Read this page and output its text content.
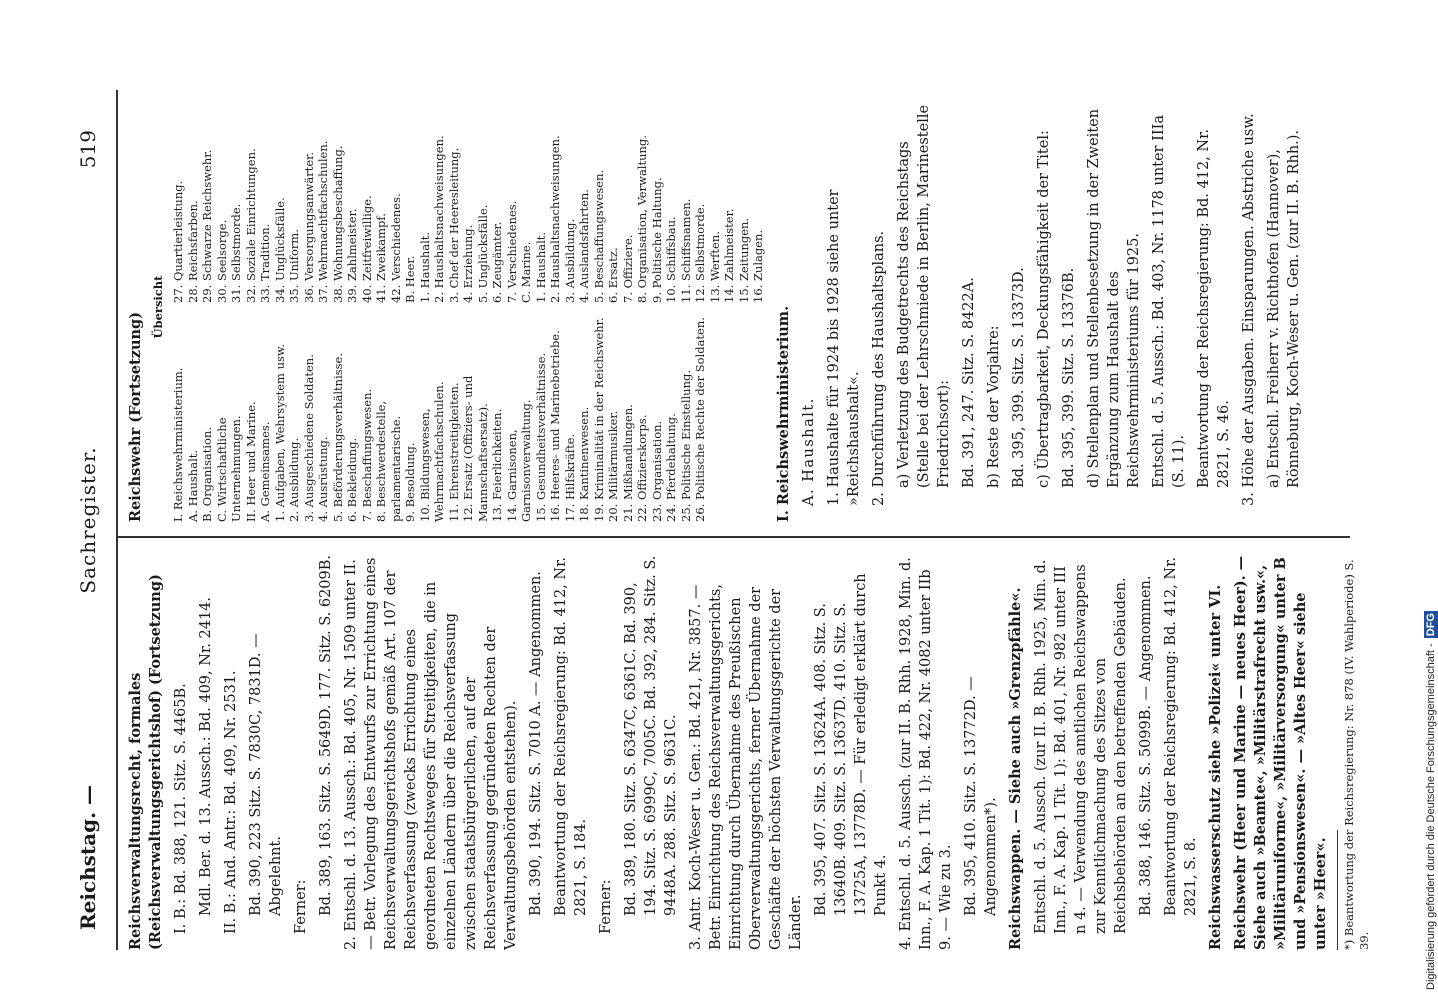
Reichstag. —
Sachregister.
519

Reichsverwaltungsrecht, formales (Reichsverwaltungsgerichtshof) (Fortsetzung) I. B.: Bd. 388, 121. Sitz. S. 4465B. Mdl. Ber. d. 13. Aussch.: Bd. 409, Nr. 2414. II. B.: And. Antr.: Bd. 409, Nr. 2531. Bd. 390, 223 Sitz. S. 7830C, 7831D. — Abgelehnt. Ferner: Bd. 389, 163. Sitz. S. 5649D. 177. Sitz. S. 6209B. 2. Entschl. d. 13. Aussch.: Bd. 405, Nr. 1509 unter II. — Betr. Vorlegung des Entwurfs zur Errichtung eines Reichsverwaltungsgerichtshofs gemäß Art. 107 der Reichsverfassung (zwecks Errichtung eines geordneten Rechtsweges für Streitigkeiten, die in einzelnen Ländern über die Reichsverfassung zwischen staatsbürgerlichen, auf der Reichsverfassung gegründeten Rechten der Verwaltungsbehörden entstehen). Bd. 390, 194. Sitz. S. 7010 A. — Angenommen. Beantwortung der Reichsregierung: Bd. 412, Nr. 2821, S. 184. Ferner: Bd. 389, 180. Sitz. S. 6347C, 6361C. Bd. 390, 194. Sitz. S. 6999C, 7005C. Bd. 392, 284. Sitz. S. 9448A. 288. Sitz. S. 9631C. 3. Antr. Koch-Weser u. Gen.: Bd. 421, Nr. 3857. — Betr. Einrichtung des Reichsverwaltungsgerichts, Einrichtung durch Übernahme des Preußischen Oberverwaltungsgerichts, ferner Übernahme der Geschäfte der höchsten Verwaltungsgerichte der Länder.

Bd. 395, 407. Sitz. S. 13624A. 408. Sitz. S. 13640B. 409. Sitz. S. 13637D. 410. Sitz. S. 13725A, 13778D. — Für erledigt erklärt durch Punkt 4. 4. Entschl. d. 5. Aussch. (zur II. B. Rhh. 1928, Min. d. Inn., F. A. Kap. 1 Tit. 1): Bd. 422, Nr. 4082 unter IIb 9. — Wie zu 3. Bd. 395, 410. Sitz. S. 13772D. — Angenommen*). Reichswappen. — Siehe auch »Grenzpfähle«. Entschl. d. 5. Aussch. (zur II. B. Rhh. 1925, Min. d. Inn., F. A. Kap. 1 Tit. 1): Bd. 401, Nr. 982 unter III n 4. — Verwendung des amtlichen Reichswappens zur Kenntlichmachung des Sitzes von Reichsbehörden an den betreffenden Gebäuden. Bd. 388, 146. Sitz. S. 5099B. — Angenommen. Beantwortung der Reichsregierung: Bd. 412, Nr. 2821, S. 8. Reichswasserschutz siehe »Polizei« unter VI. Reichswehr (Heer und Marine — neues Heer). — Siehe auch »Beamte«, »Militärstrafrecht usw.«, »Militäruniforme«, »Militärversorgung« unter B und »Pensionswesen«. — »Altes Heer« siehe unter »Heer«. *) Beantwortung der Reichsregierung: Nr. 878 (IV. Wahlperiode) S. 39.

Reichswehr (Fortsetzung)

Übersicht

I. Reichswehrministerium. A. Haushalt. B. Organisation. C. Wirtschaftliche Unternehmungen. II. Heer und Marine. A. Gemeinsames. 1. Aufgaben, Wehrsystem usw. 2. Ausbildung. 3. Ausgeschiedene Soldaten. 4. Ausrüstung. 5. Beförderungsverhältnisse. 6. Bekleidung. 7. Beschaffungswesen. 8. Beschwerdestelle, parlamentarische. 9. Besoldung. 10. Bildungswesen, Wehrmachtfachschulen. 11. Ehrenstreitigkeiten. 12. Ersatz (Offiziers- und Mannschaftsersatz). 13. Feierlichkeiten. 14. Garnisonen, Garnisonverwaltung. 15. Gesundheitsverhältnisse. 16. Heeres- und Marinebetriebe. 17. Hilfskräfte. 18. Kantinenwesen. 19. Kriminalität in der Reichswehr. 20. Militärmusiker. 21. Mißhandlungen. 22. Offizierskorps. 23. Organisation. 24. Pferdehaltung. 25. Politische Einstellung. 26. Politische Rechte der Soldaten.
27. Quartierleistung. 28. Reichsfarben. 29. Schwarze Reichswehr. 30. Seelsorge. 31. Selbstmorde. 32. Soziale Einrichtungen. 33. Tradition. 34. Unglücksfälle. 35. Uniform. 36. Versorgungsanwärter. 37. Wehrmachtfachschulen. 38. Wohnungsbeschaffung. 39. Zahlmeister. 40. Zeitfreiwillige. 41. Zweikampf. 42. Verschiedenes. B. Heer. 1. Haushalt. 2. Haushaltsnachweisungen. 3. Chef der Heeresleitung. 4. Erziehung. 5. Unglücksfälle. 6. Zeugämter. 7. Verschiedenes. C. Marine. 1. Haushalt. 2. Haushaltsnachweisungen. 3. Ausbildung. 4. Auslandsfahrten. 5. Beschaffungswesen. 6. Ersatz. 7. Offiziere. 8. Organisation, Verwaltung. 9. Politische Haltung. 10. Schiffsbau. 11. Schiffsnamen. 12. Selbstmorde. 13. Werften. 14. Zahlmeister. 15. Zeitungen. 16. Zulagen.

I. Reichswehrministerium. A. Haushalt. 1. Haushalte für 1924 bis 1928 siehe unter »Reichshaushalt«. 2. Durchführung des Haushaltsplans. a) Verletzung des Budgetrechts des Reichstags (Stelle bei der Lehrschmiede in Berlin, Marinestelle Friedrichsort): Bd. 391, 247. Sitz. S. 8422A. b) Reste der Vorjahre: Bd. 395, 399. Sitz. S. 13373D. c) Übertragbarkeit, Deckungsfähigkeit der Titel: Bd. 395, 399. Sitz. S. 13376B. d) Stellenplan und Stellenbesetzung in der Zweiten Ergänzung zum Haushalt des Reichswehrministeriums für 1925. Entschl. d. 5. Aussch.: Bd. 403, Nr. 1178 unter IIIa (S. 11). Beantwortung der Reichsregierung: Bd. 412, Nr. 2821, S. 46. 3. Höhe der Ausgaben. Einsparungen. Abstriche usw. a) Entschl. Freiherr v. Richthofen (Hannover), Rönneburg, Koch-Weser u. Gen. (zur II. B. Rhh.).

Digitalisierung gefördert durch die Deutsche Forschungsgemeinschaft - DFG
